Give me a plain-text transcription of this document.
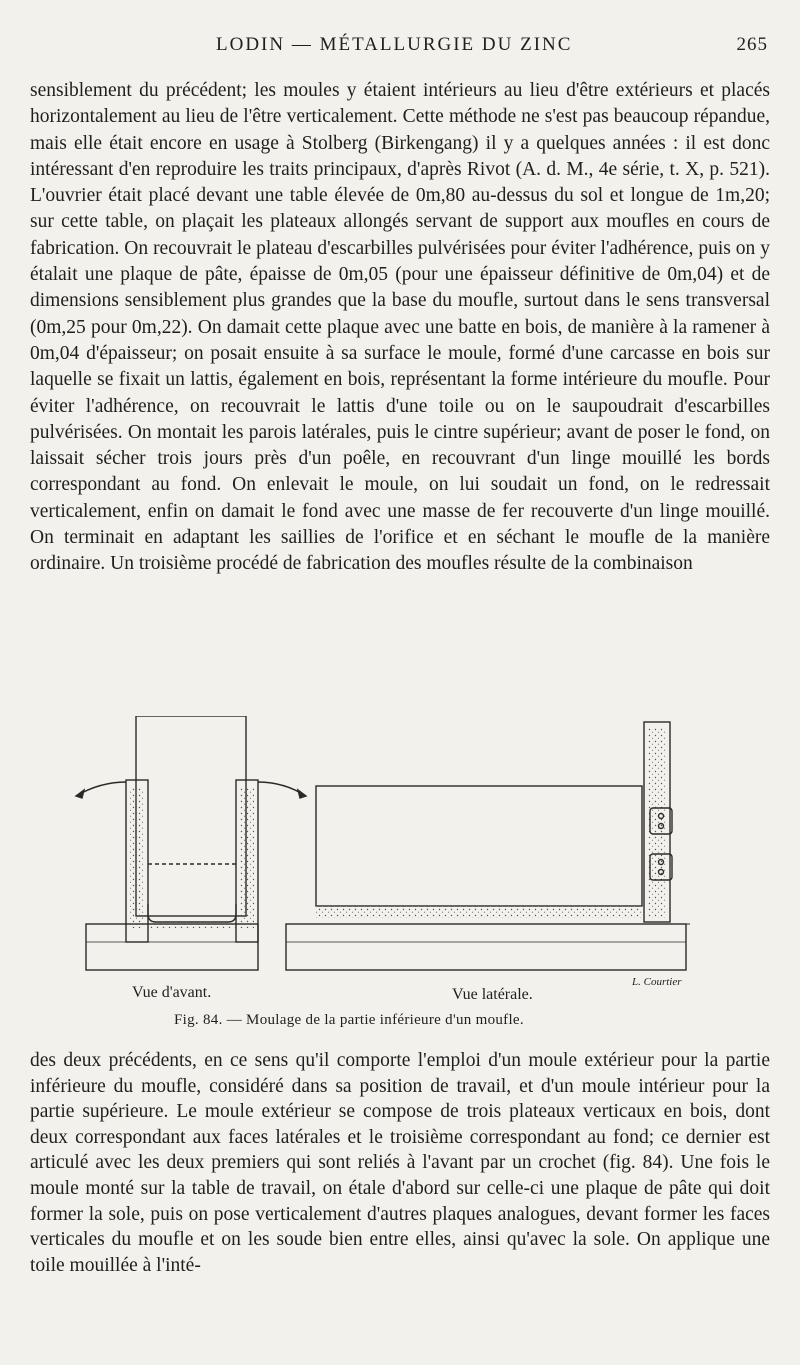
LODIN — MÉTALLURGIE DU ZINC	265

sensiblement du précédent; les moules y étaient intérieurs au lieu d'être extérieurs et placés horizontalement au lieu de l'être verticalement. Cette méthode ne s'est pas beaucoup répandue, mais elle était encore en usage à Stolberg (Birkengang) il y a quelques années : il est donc intéressant d'en reproduire les traits principaux, d'après Rivot (A. d. M., 4e série, t. X, p. 521). L'ouvrier était placé devant une table élevée de 0m,80 au-dessus du sol et longue de 1m,20; sur cette table, on plaçait les plateaux allongés servant de support aux moufles en cours de fabrication. On recouvrait le plateau d'escarbilles pulvérisées pour éviter l'adhérence, puis on y étalait une plaque de pâte, épaisse de 0m,05 (pour une épaisseur définitive de 0m,04) et de dimensions sensiblement plus grandes que la base du moufle, surtout dans le sens transversal (0m,25 pour 0m,22). On damait cette plaque avec une batte en bois, de manière à la ramener à 0m,04 d'épaisseur; on posait ensuite à sa surface le moule, formé d'une carcasse en bois sur laquelle se fixait un lattis, également en bois, représentant la forme intérieure du moufle. Pour éviter l'adhérence, on recouvrait le lattis d'une toile ou on le saupoudrait d'escarbilles pulvérisées. On montait les parois latérales, puis le cintre supérieur; avant de poser le fond, on laissait sécher trois jours près d'un poêle, en recouvrant d'un linge mouillé les bords correspondant au fond. On enlevait le moule, on lui soudait un fond, on le redressait verticalement, enfin on damait le fond avec une masse de fer recouverte d'un linge mouillé. On terminait en adaptant les saillies de l'orifice et en séchant le moufle de la manière ordinaire. Un troisième procédé de fabrication des moufles résulte de la combinaison

Vue d'avant.	Vue latérale.
L. Courtier
Fig. 84. — Moulage de la partie inférieure d'un moufle.

des deux précédents, en ce sens qu'il comporte l'emploi d'un moule extérieur pour la partie inférieure du moufle, considéré dans sa position de travail, et d'un moule intérieur pour la partie supérieure. Le moule extérieur se compose de trois plateaux verticaux en bois, dont deux correspondant aux faces latérales et le troisième correspondant au fond; ce dernier est articulé avec les deux premiers qui sont reliés à l'avant par un crochet (fig. 84). Une fois le moule monté sur la table de travail, on étale d'abord sur celle-ci une plaque de pâte qui doit former la sole, puis on pose verticalement d'autres plaques analogues, devant former les faces verticales du moufle et on les soude bien entre elles, ainsi qu'avec la sole. On applique une toile mouillée à l'inté-
